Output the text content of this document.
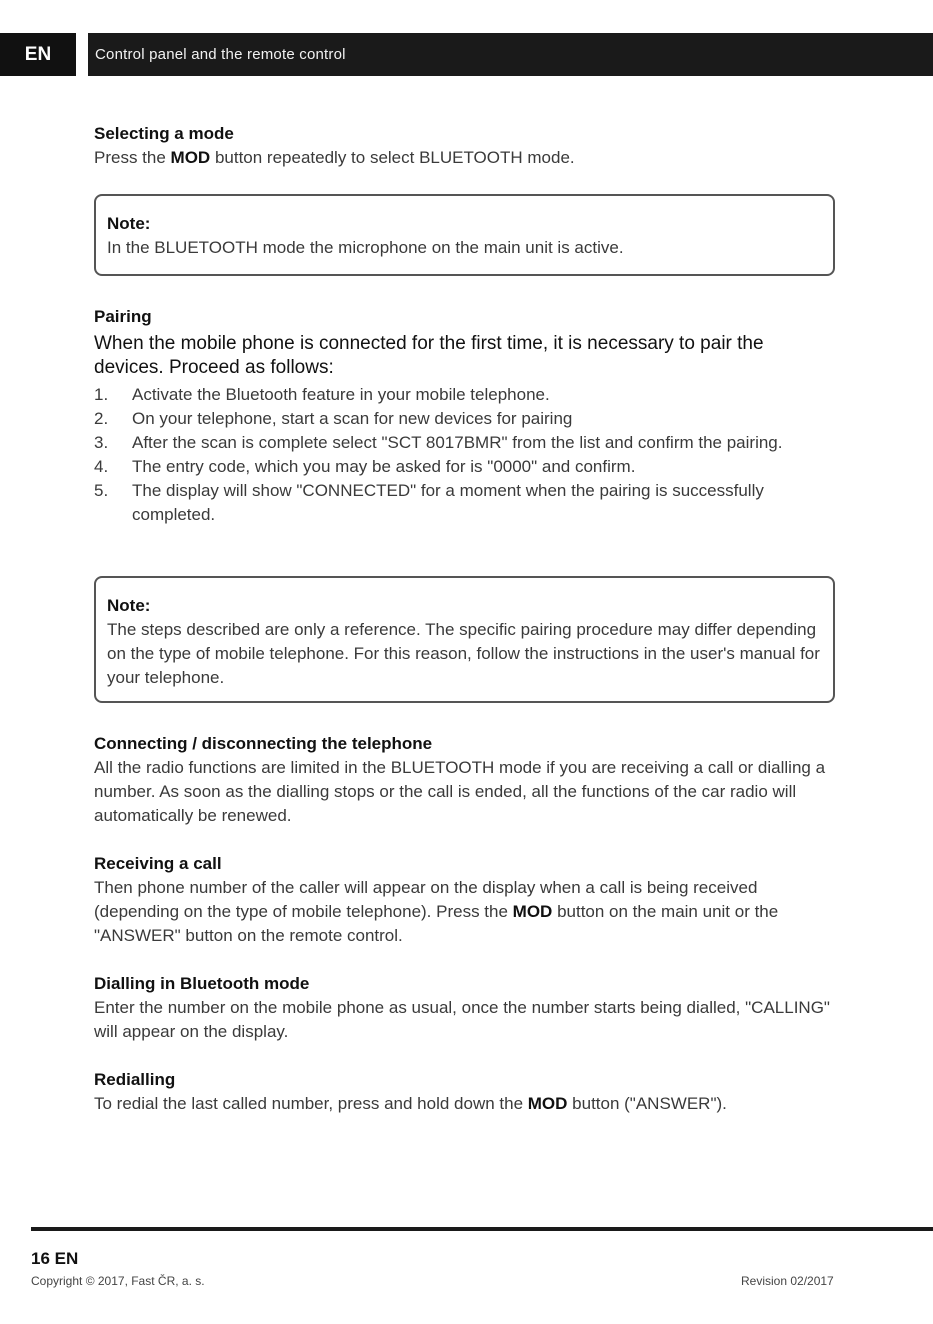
EN	Control panel and the remote control
Selecting a mode
Press the MOD button repeatedly to select BLUETOOTH mode.
Note:
In the BLUETOOTH mode the microphone on the main unit is active.
Pairing
When the mobile phone is connected for the first time, it is necessary to pair the devices. Proceed as follows:
1. Activate the Bluetooth feature in your mobile telephone.
2. On your telephone, start a scan for new devices for pairing
3. After the scan is complete select "SCT 8017BMR" from the list and confirm the pairing.
4. The entry code, which you may be asked for is "0000" and confirm.
5. The display will show "CONNECTED" for a moment when the pairing is successfully completed.
Note:
The steps described are only a reference. The specific pairing procedure may differ depending on the type of mobile telephone. For this reason, follow the instructions in the user's manual for your telephone.
Connecting / disconnecting the telephone
All the radio functions are limited in the BLUETOOTH mode if you are receiving a call or dialling a number. As soon as the dialling stops or the call is ended, all the functions of the car radio will automatically be renewed.
Receiving a call
Then phone number of the caller will appear on the display when a call is being received (depending on the type of mobile telephone). Press the MOD button on the main unit or the "ANSWER" button on the remote control.
Dialling in Bluetooth mode
Enter the number on the mobile phone as usual, once the number starts being dialled, "CALLING" will appear on the display.
Redialling
To redial the last called number, press and hold down the MOD button ("ANSWER").
16 EN
Copyright © 2017, Fast ČR, a. s.	Revision 02/2017
